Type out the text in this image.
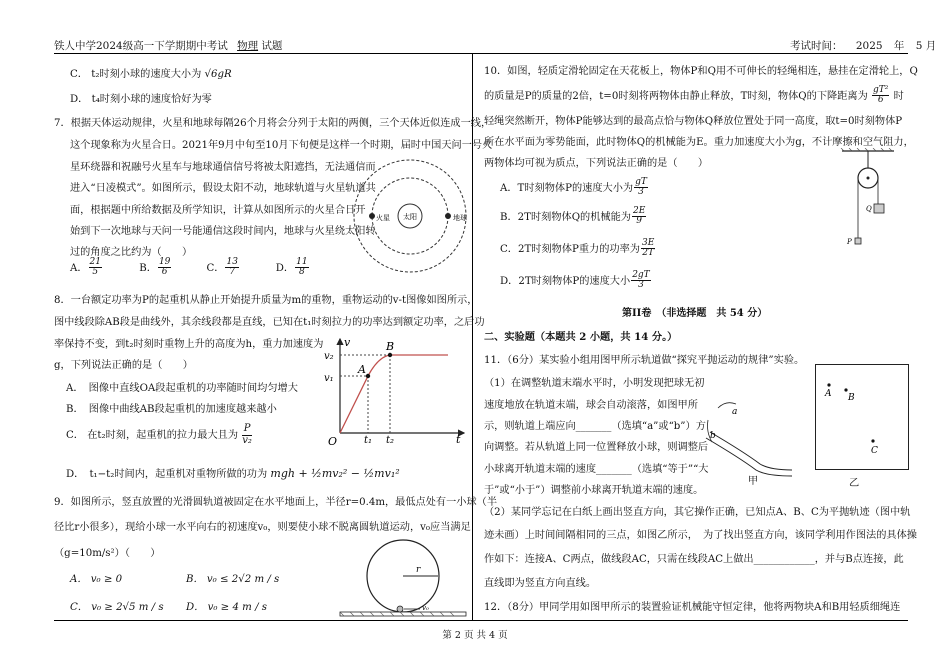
铁人中学2024级高一下学期期中考试 物理 试题	考试时间： 2025 年 5 月
C． t₂时刻小球的速度大小为 √6gR
D． t₄时刻小球的速度恰好为零
7．根据天体运动规律，火星和地球每隔26个月将会分列于太阳的两侧，三个天体近似连成一线，
这个现象称为火星合日。2021年9月中旬至10月下旬便是这样一个时期，届时中国天问一号火
星环绕器和祝融号火星车与地球通信信号将被太阳遮挡，无法通信而
进入“日凌模式”。如图所示，假设太阳不动，地球轨道与火星轨道共
面，根据题中所给数据及所学知识，计算从如图所示的火星合日开
始到下一次地球与天问一号能通信这段时间内，地球与火星绕太阳转
过的角度之比约为（　　）
A． $\frac{21}{5}$	B． $\frac{19}{6}$	C． $\frac{13}{7}$	D． $\frac{11}{8}$
太阳
火星	地球
8．一台额定功率为P的起重机从静止开始提升质量为m的重物，重物运动的v-t图像如图所示，
图中线段除AB段是曲线外，其余线段都是直线，已知在t₁时刻拉力的功率达到额定功率，之后功
率保持不变，到t₂时刻时重物上升的高度为h，重力加速度为
g，下列说法正确的是（　　）
A．　图像中直线OA段起重机的功率随时间均匀增大
B．　图像中曲线AB段起重机的加速度越来越小
C． 在t₂时刻，起重机的拉力最大且为 $\frac{P}{\text{v₂}}$
D．　t₁−t₂时间内，起重机对重物所做的功为 mgh + ½mv₂² − ½mv₁²
v
t
O
v₂
v₁
t₁ t₂
A
B
9．如图所示，竖直放置的光滑圆轨道被固定在水平地面上，半径r=0.4m，最低点处有一小球（半
径比r小很多），现给小球一水平向右的初速度v₀，则要使小球不脱离圆轨道运动，v₀应当满足
（g=10m/s²）（　　）
A． v₀ ≥ 0	B． v₀ ≤ 2√2 m / s
C． v₀ ≥ 2√5 m / s D． v₀ ≥ 4 m / s
r
v₀
10．如图，轻质定滑轮固定在天花板上，物体P和Q用不可伸长的轻绳相连，悬挂在定滑轮上，Q
的质量是P的质量的2倍，t=0时刻将两物体由静止释放，T时刻，物体Q的下降距离为 $\frac{\text{gT²}}{6}$ 时
轻绳突然断开，物体P能够达到的最高点恰与物体Q释放位置处于同一高度，取t=0时刻物体P
所在水平面为零势能面，此时物体Q的机械能为E。重力加速度大小为g，不计摩擦和空气阻力，
两物体均可视为质点，下列说法正确的是（　　）
A．T时刻物体P的速度大小为 $\frac{gT}{3}$
B．2T时刻物体Q的机械能为 $\frac{2E}{9}$
C．2T时刻物体P重力的功率为 $\frac{3E}{2T}$
D．2T时刻物体P的速度大小 $\frac{2gT}{3}$
Q
P
第II卷　（非选择题　共 54 分）
二、实验题（本题共 2 小题，共 14 分。）
11．（6分）某实验小组用图甲所示轨道做“探究平抛运动的规律”实验。
（1）在调整轨道末端水平时，小明发现把球无初
速度地放在轨道末端，球会自动滚落，如图甲所
示，则轨道上端应向_______（选填“a”或“b”）方
向调整。若从轨道上同一位置释放小球，则调整后
小球离开轨道末端的速度_______（选填“等于”“大
于”或“小于”）调整前小球离开轨道末端的速度。
（2）某同学忘记在白纸上画出竖直方向，其它操作正确，已知点A、B、C为平抛轨迹（图中轨
迹未画）上时间间隔相同的三点，如图乙所示，　为了找出竖直方向，该同学利用作图法的具体操
作如下：连接A、C两点，做线段AC，只需在线段AC上做出____________，并与B点连接，此
直线即为竖直方向直线。
a
b
甲
A B
C
乙
12．（8分）甲同学用如图甲所示的装置验证机械能守恒定律，他将两物块A和B用轻质细绳连
第 2 页 共 4 页
